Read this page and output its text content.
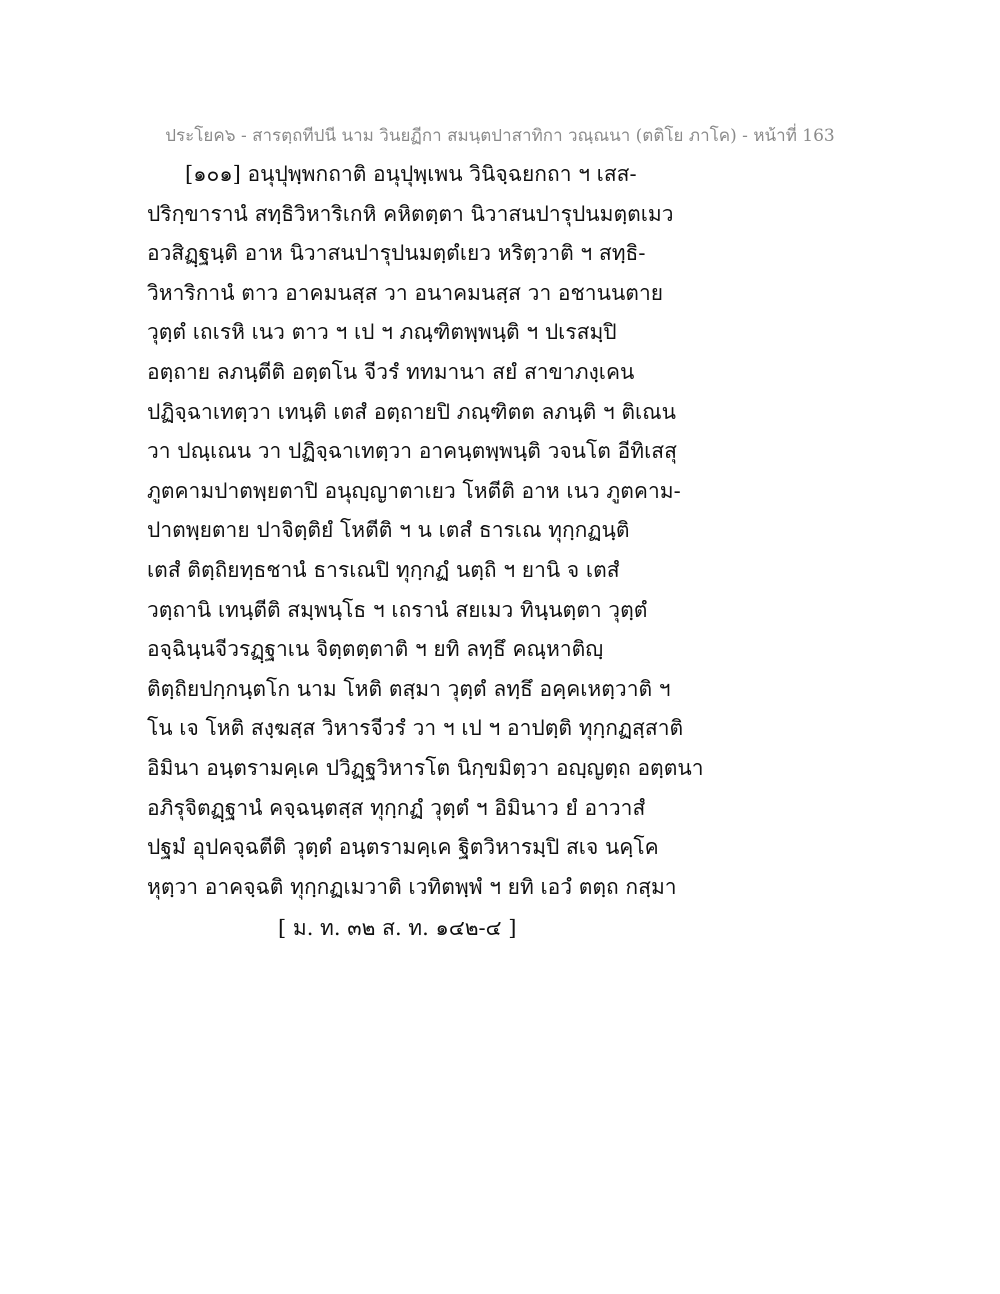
ประโยค๖ - สารตฺถทีปนี นาม วินยฏีกา สมนฺตปาสาทิกา วณฺณนา (ตติโย ภาโค) - หน้าที่ 163
[๑๐๑] อนุปุพฺพกถาติ อนุปุพฺเพน วินิจฺฉยกถา ฯ เสส-
ปริกฺขารานํ สทฺธิวิหาริเกหิ คหิตตฺตา นิวาสนปารุปนมตฺตเมว
อวสิฏฺฐนฺติ อาห นิวาสนปารุปนมตฺตํเยว หริตฺวาติ ฯ สทฺธิ-
วิหาริกานํ ตาว อาคมนสฺส วา อนาคมนสฺส วา อชานนตาย
วุตฺตํ เถเรหิ เนว ตาว ฯ เป ฯ ภณฺฑิตพฺพนฺติ ฯ ปเรสมฺปิ
อตฺถาย ลภนฺตีติ อตฺตโน จีวรํ ททมานา สยํ สาขาภงฺเคน
ปฏิจฺฉาเทตฺวา เทนฺติ เตสํ อตฺถายปิ ภณฺฑิตต ลภนฺติ ฯ ติเณน
วา ปณฺเณน วา ปฏิจฺฉาเทตฺวา อาคนฺตพฺพนฺติ วจนโต อีทิเสสุ
ภูตคามปาตพฺยตาปิ อนุญฺญาตาเยว โหตีติ อาห เนว ภูตคาม-
ปาตพฺยตาย ปาจิตฺติยํ โหตีติ ฯ น เตสํ ธารเณ ทุกฺกฏนฺติ
เตสํ ติตฺถิยทฺธชานํ ธารเณปิ ทุกฺกฏํ นตฺถิ ฯ ยานิ จ เตสํ
วตฺถานิ เทนฺตีติ สมฺพนฺโธ ฯ เถรานํ สยเมว ทินฺนตฺตา วุตฺตํ
อจฺฉินฺนจีวรฏฺฐาเน จิตฺตตฺตาติ ฯ ยทิ ลทฺธึ คณฺหาติญฺ
ติตฺถิยปกฺกนฺตโก นาม โหติ ตสฺมา วุตฺตํ ลทฺธึ อคฺคเหตฺวาติ ฯ
โน เจ โหติ สงฺฆสฺส วิหารจีวรํ วา ฯ เป ฯ อาปตฺติ ทุกฺกฏสฺสาติ
อิมินา อนฺตรามคฺเค ปวิฏฺฐวิหารโต นิกฺขมิตฺวา อญฺญตฺถ อตฺตนา
อภิรุจิตฏฺฐานํ คจฺฉนฺตสฺส ทุกฺกฏํ วุตฺตํ ฯ อิมินาว ยํ อาวาสํ
ปฐมํ อุปคจฺฉตีติ วุตฺตํ อนฺตรามคฺเค ฐิตวิหารมฺปิ สเจ นคฺโค
หุตฺวา อาคจฺฉติ ทุกฺกฏเมวาติ เวทิตพฺพํ ฯ ยทิ เอวํ ตตฺถ กสฺมา
[ ม. ท. ๓๒ ส. ท. ๑๔๒-๔ ]
